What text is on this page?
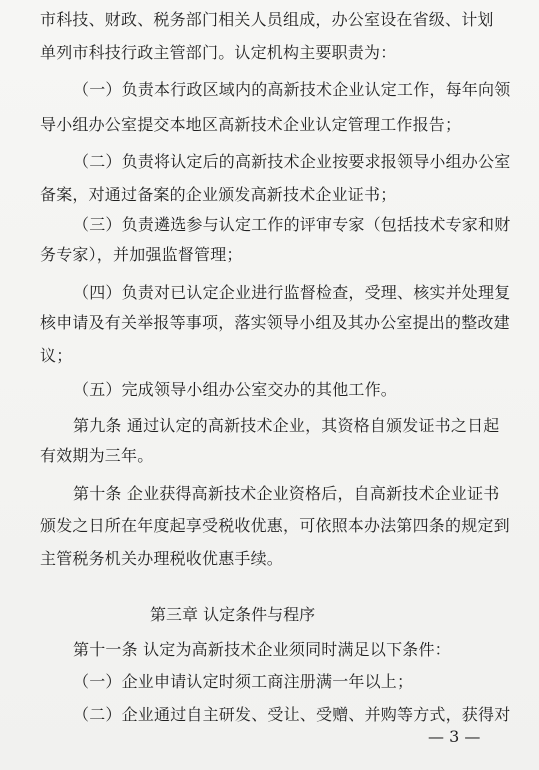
市科技、财政、税务部门相关人员组成，办公室设在省级、计划
单列市科技行政主管部门。认定机构主要职责为：
（一）负责本行政区域内的高新技术企业认定工作，每年向领
导小组办公室提交本地区高新技术企业认定管理工作报告；
（二）负责将认定后的高新技术企业按要求报领导小组办公室
备案，对通过备案的企业颁发高新技术企业证书；
（三）负责遴选参与认定工作的评审专家（包括技术专家和财
务专家），并加强监督管理；
（四）负责对已认定企业进行监督检查，受理、核实并处理复
核申请及有关举报等事项，落实领导小组及其办公室提出的整改建
议；
（五）完成领导小组办公室交办的其他工作。
第九条 通过认定的高新技术企业，其资格自颁发证书之日起
有效期为三年。
第十条 企业获得高新技术企业资格后，自高新技术企业证书
颁发之日所在年度起享受税收优惠，可依照本办法第四条的规定到
主管税务机关办理税收优惠手续。
第三章 认定条件与程序
第十一条 认定为高新技术企业须同时满足以下条件：
（一）企业申请认定时须工商注册满一年以上；
（二）企业通过自主研发、受让、受赠、并购等方式，获得对
— 3 —
